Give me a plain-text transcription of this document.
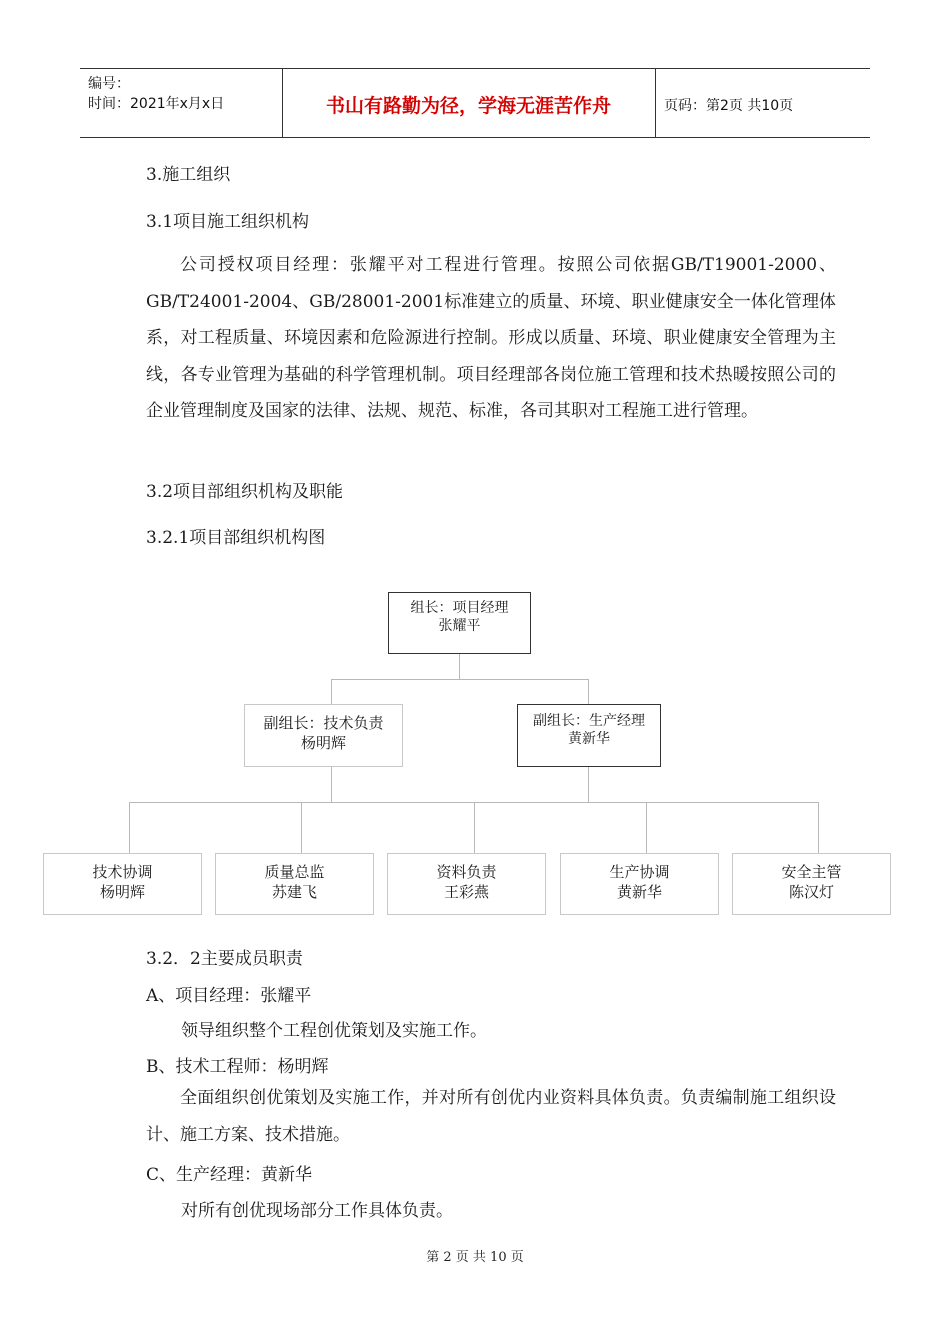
编号：
时间：2021年x月x日	书山有路勤为径，学海无涯苦作舟	页码：第2页 共10页
3.施工组织
3.1项目施工组织机构
公司授权项目经理：张耀平对工程进行管理。按照公司依据GB/T19001-2000、GB/T24001-2004、GB/28001-2001标准建立的质量、环境、职业健康安全一体化管理体系，对工程质量、环境因素和危险源进行控制。形成以质量、环境、职业健康安全管理为主线，各专业管理为基础的科学管理机制。项目经理部各岗位施工管理和技术热暖按照公司的企业管理制度及国家的法律、法规、规范、标准，各司其职对工程施工进行管理。
3.2项目部组织机构及职能
3.2.1项目部组织机构图
组长：项目经理
张耀平
副组长：技术负责
杨明辉
副组长：生产经理
黄新华
技术协调
杨明辉
质量总监
苏建飞
资料负责
王彩燕
生产协调
黄新华
安全主管
陈汉灯
3.2．2主要成员职责
A、项目经理：张耀平
领导组织整个工程创优策划及实施工作。
B、技术工程师：杨明辉
全面组织创优策划及实施工作，并对所有创优内业资料具体负责。负责编制施工组织设计、施工方案、技术措施。
C、生产经理：黄新华
对所有创优现场部分工作具体负责。
第 2 页 共 10 页
